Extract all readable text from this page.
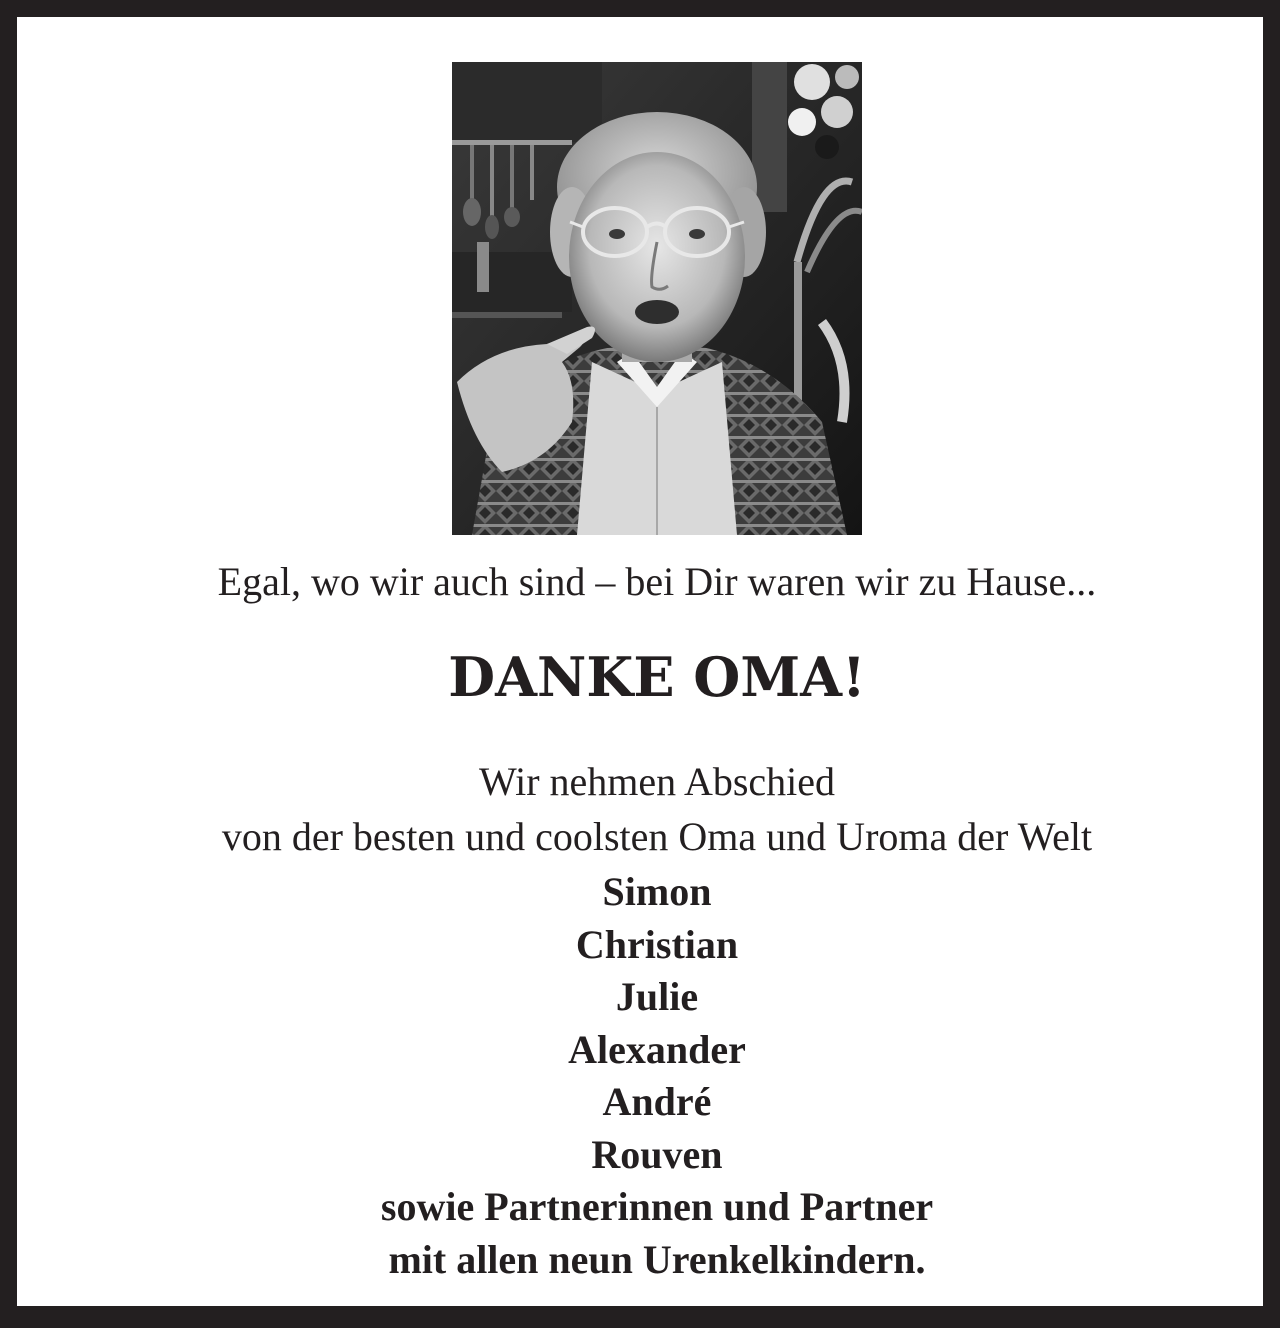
Egal, wo wir auch sind – bei Dir waren wir zu Hause...
DANKE OMA!
Wir nehmen Abschied
von der besten und coolsten Oma und Uroma der Welt
Simon
Christian
Julie
Alexander
André
Rouven
sowie Partnerinnen und Partner
mit allen neun Urenkelkindern.
